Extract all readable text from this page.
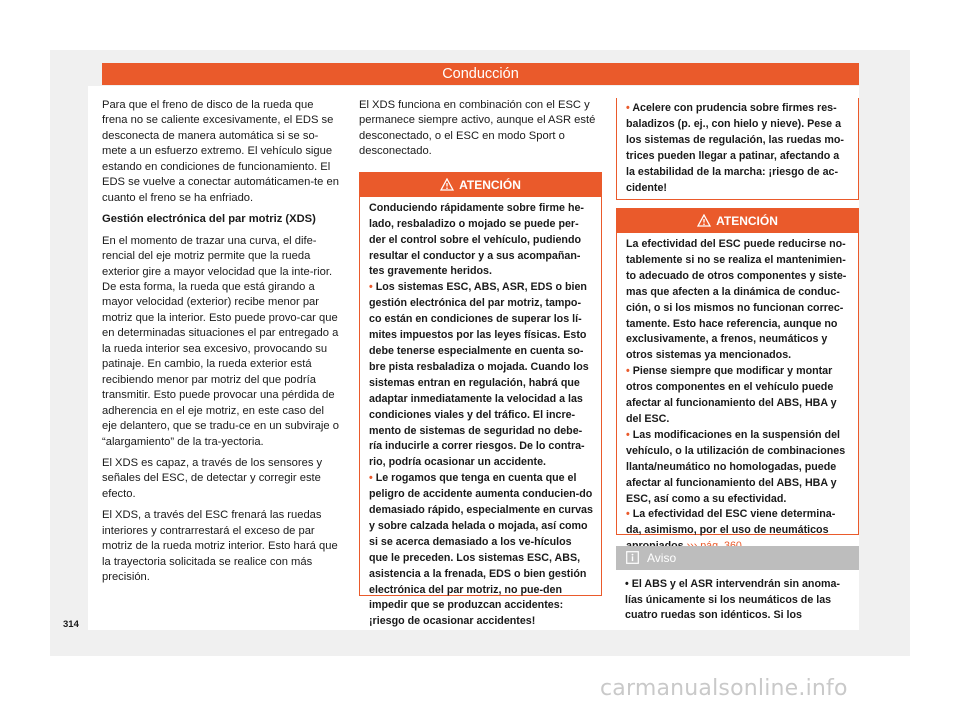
Conducción

Para que el freno de disco de la rueda que frena no se caliente excesivamente, el EDS se desconecta de manera automática si se so-mete a un esfuerzo extremo. El vehículo sigue estando en condiciones de funcionamiento. El EDS se vuelve a conectar automáticamen-te en cuanto el freno se ha enfriado.

Gestión electrónica del par motriz (XDS)

En el momento de trazar una curva, el dife-rencial del eje motriz permite que la rueda exterior gire a mayor velocidad que la inte-rior. De esta forma, la rueda que está girando a mayor velocidad (exterior) recibe menor par motriz que la interior. Esto puede provo-car que en determinadas situaciones el par entregado a la rueda interior sea excesivo, provocando su patinaje. En cambio, la rueda exterior está recibiendo menor par motriz del que podría transmitir. Esto puede provocar una pérdida de adherencia en el eje motriz, en este caso del eje delantero, que se tradu-ce en un subviraje o “alargamiento” de la tra-yectoria.

El XDS es capaz, a través de los sensores y señales del ESC, de detectar y corregir este efecto.

El XDS, a través del ESC frenará las ruedas interiores y contrarrestará el exceso de par motriz de la rueda motriz interior. Esto hará que la trayectoria solicitada se realice con más precisión.

El XDS funciona en combinación con el ESC y permanece siempre activo, aunque el ASR esté desconectado, o el ESC en modo Sport o desconectado.

ATENCIÓN

Conduciendo rápidamente sobre firme he-lado, resbaladizo o mojado se puede per-der el control sobre el vehículo, pudiendo resultar el conductor y a sus acompañan-tes gravemente heridos.

• Los sistemas ESC, ABS, ASR, EDS o bien gestión electrónica del par motriz, tampo-co están en condiciones de superar los lí-mites impuestos por las leyes físicas. Esto debe tenerse especialmente en cuenta so-bre pista resbaladiza o mojada. Cuando los sistemas entran en regulación, habrá que adaptar inmediatamente la velocidad a las condiciones viales y del tráfico. El incre-mento de sistemas de seguridad no debe-ría inducirle a correr riesgos. De lo contra-rio, podría ocasionar un accidente.

• Le rogamos que tenga en cuenta que el peligro de accidente aumenta conducien-do demasiado rápido, especialmente en curvas y sobre calzada helada o mojada, así como si se acerca demasiado a los ve-hículos que le preceden. Los sistemas ESC, ABS, asistencia a la frenada, EDS o bien gestión electrónica del par motriz, no pue-den impedir que se produzcan accidentes: ¡riesgo de ocasionar accidentes!

• Acelere con prudencia sobre firmes res-baladizos (p. ej., con hielo y nieve). Pese a los sistemas de regulación, las ruedas mo-trices pueden llegar a patinar, afectando a la estabilidad de la marcha: ¡riesgo de ac-cidente!

ATENCIÓN

La efectividad del ESC puede reducirse no-tablemente si no se realiza el mantenimien-to adecuado de otros componentes y siste-mas que afecten a la dinámica de conduc-ción, o si los mismos no funcionan correc-tamente. Esto hace referencia, aunque no exclusivamente, a frenos, neumáticos y otros sistemas ya mencionados.

• Piense siempre que modificar y montar otros componentes en el vehículo puede afectar al funcionamiento del ABS, HBA y del ESC.

• Las modificaciones en la suspensión del vehículo, o la utilización de combinaciones llanta/neumático no homologadas, puede afectar al funcionamiento del ABS, HBA y ESC, así como a su efectividad.

• La efectividad del ESC viene determina-da, asimismo, por el uso de neumáticos

Aviso
• El ABS y el ASR intervendrán sin anoma-lías únicamente si los neumáticos de las cuatro ruedas son idénticos. Si los
314
carmanualsonline.info
